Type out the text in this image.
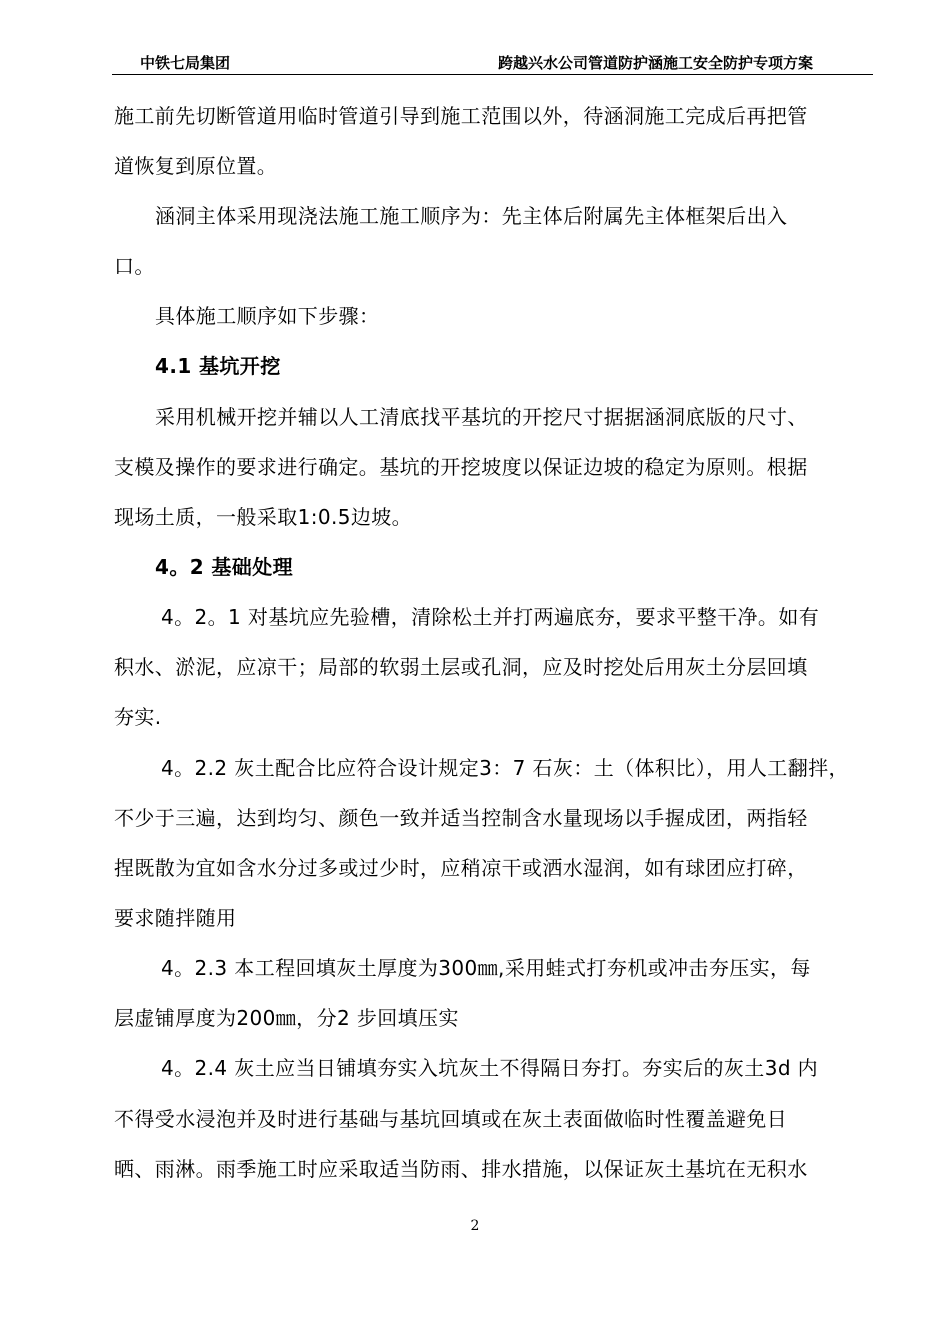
中铁七局集团	跨越兴水公司管道防护涵施工安全防护专项方案
施工前先切断管道用临时管道引导到施工范围以外，待涵洞施工完成后再把管
道恢复到原位置。
涵洞主体采用现浇法施工施工顺序为：先主体后附属先主体框架后出入
口。
具体施工顺序如下步骤：
4.1 基坑开挖
采用机械开挖并辅以人工清底找平基坑的开挖尺寸据据涵洞底版的尺寸、
支模及操作的要求进行确定。基坑的开挖坡度以保证边坡的稳定为原则。根据
现场土质，一般采取1:0.5边坡。
4。2 基础处理
4。2。1 对基坑应先验槽，清除松土并打两遍底夯，要求平整干净。如有
积水、淤泥，应凉干；局部的软弱土层或孔洞，应及时挖处后用灰土分层回填
夯实.
4。2.2 灰土配合比应符合设计规定3：7 石灰：土（体积比），用人工翻拌，
不少于三遍，达到均匀、颜色一致并适当控制含水量现场以手握成团，两指轻
捏既散为宜如含水分过多或过少时，应稍凉干或洒水湿润，如有球团应打碎，
要求随拌随用
4。2.3 本工程回填灰土厚度为300㎜,采用蛙式打夯机或冲击夯压实，每
层虚铺厚度为200㎜，分2 步回填压实
4。2.4 灰土应当日铺填夯实入坑灰土不得隔日夯打。夯实后的灰土3d 内
不得受水浸泡并及时进行基础与基坑回填或在灰土表面做临时性覆盖避免日
晒、雨淋。雨季施工时应采取适当防雨、排水措施，以保证灰土基坑在无积水
2
